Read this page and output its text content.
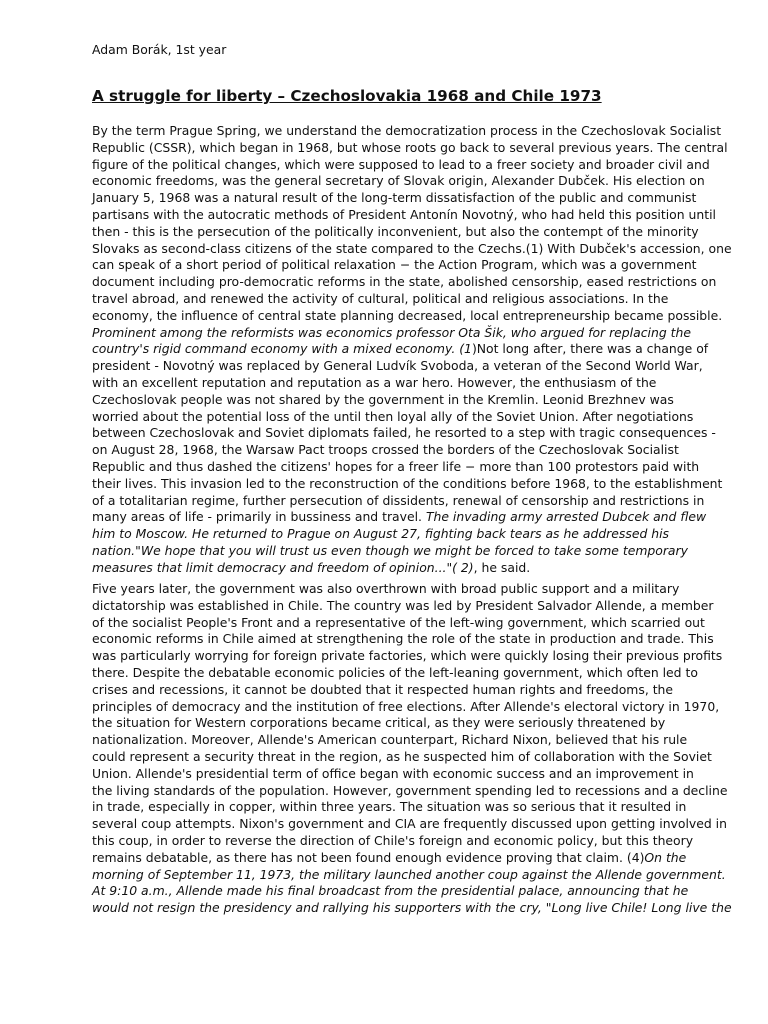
Adam Borák, 1st year
A struggle for liberty – Czechoslovakia 1968 and Chile 1973
By the term Prague Spring, we understand the democratization process in the Czechoslovak Socialist
Republic (CSSR), which began in 1968, but whose roots go back to several previous years. The central
figure of the political changes, which were supposed to lead to a freer society and broader civil and
economic freedoms, was the general secretary of Slovak origin, Alexander Dubček. His election on
January 5, 1968 was a natural result of the long-term dissatisfaction of the public and communist
partisans with the autocratic methods of President Antonín Novotný, who had held this position until
then - this is the persecution of the politically inconvenient, but also the contempt of the minority
Slovaks as second-class citizens of the state compared to the Czechs.(1) With Dubček's accession, one
can speak of a short period of political relaxation − the Action Program, which was a government
document including pro-democratic reforms in the state, abolished censorship, eased restrictions on
travel abroad, and renewed the activity of cultural, political and religious associations. In the
economy, the influence of central state planning decreased, local entrepreneurship became possible.
Prominent among the reformists was economics professor Ota Šik, who argued for replacing the
country's rigid command economy with a mixed economy. (1)Not long after, there was a change of
president - Novotný was replaced by General Ludvík Svoboda, a veteran of the Second World War,
with an excellent reputation and reputation as a war hero. However, the enthusiasm of the
Czechoslovak people was not shared by the government in the Kremlin. Leonid Brezhnev was
worried about the potential loss of the until then loyal ally of the Soviet Union. After negotiations
between Czechoslovak and Soviet diplomats failed, he resorted to a step with tragic consequences -
on August 28, 1968, the Warsaw Pact troops crossed the borders of the Czechoslovak Socialist
Republic and thus dashed the citizens' hopes for a freer life − more than 100 protestors paid with
their lives. This invasion led to the reconstruction of the conditions before 1968, to the establishment
of a totalitarian regime, further persecution of dissidents, renewal of censorship and restrictions in
many areas of life - primarily in bussiness and travel. The invading army arrested Dubcek and flew
him to Moscow. He returned to Prague on August 27, fighting back tears as he addressed his
nation."We hope that you will trust us even though we might be forced to take some temporary
measures that limit democracy and freedom of opinion..."( 2), he said.
Five years later, the government was also overthrown with broad public support and a military
dictatorship was established in Chile. The country was led by President Salvador Allende, a member
of the socialist People's Front and a representative of the left-wing government, which scarried out
economic reforms in Chile aimed at strengthening the role of the state in production and trade. This
was particularly worrying for foreign private factories, which were quickly losing their previous profits
there. Despite the debatable economic policies of the left-leaning government, which often led to
crises and recessions, it cannot be doubted that it respected human rights and freedoms, the
principles of democracy and the institution of free elections. After Allende's electoral victory in 1970,
the situation for Western corporations became critical, as they were seriously threatened by
nationalization. Moreover, Allende's American counterpart, Richard Nixon, believed that his rule
could represent a security threat in the region, as he suspected him of collaboration with the Soviet
Union. Allende's presidential term of office began with economic success and an improvement in
the living standards of the population. However, government spending led to recessions and a decline
in trade, especially in copper, within three years. The situation was so serious that it resulted in
several coup attempts. Nixon's government and CIA are frequently discussed upon getting involved in
this coup, in order to reverse the direction of Chile's foreign and economic policy, but this theory
remains debatable, as there has not been found enough evidence proving that claim. (4)On the
morning of September 11, 1973, the military launched another coup against the Allende government.
At 9:10 a.m., Allende made his final broadcast from the presidential palace, announcing that he
would not resign the presidency and rallying his supporters with the cry, "Long live Chile! Long live the
